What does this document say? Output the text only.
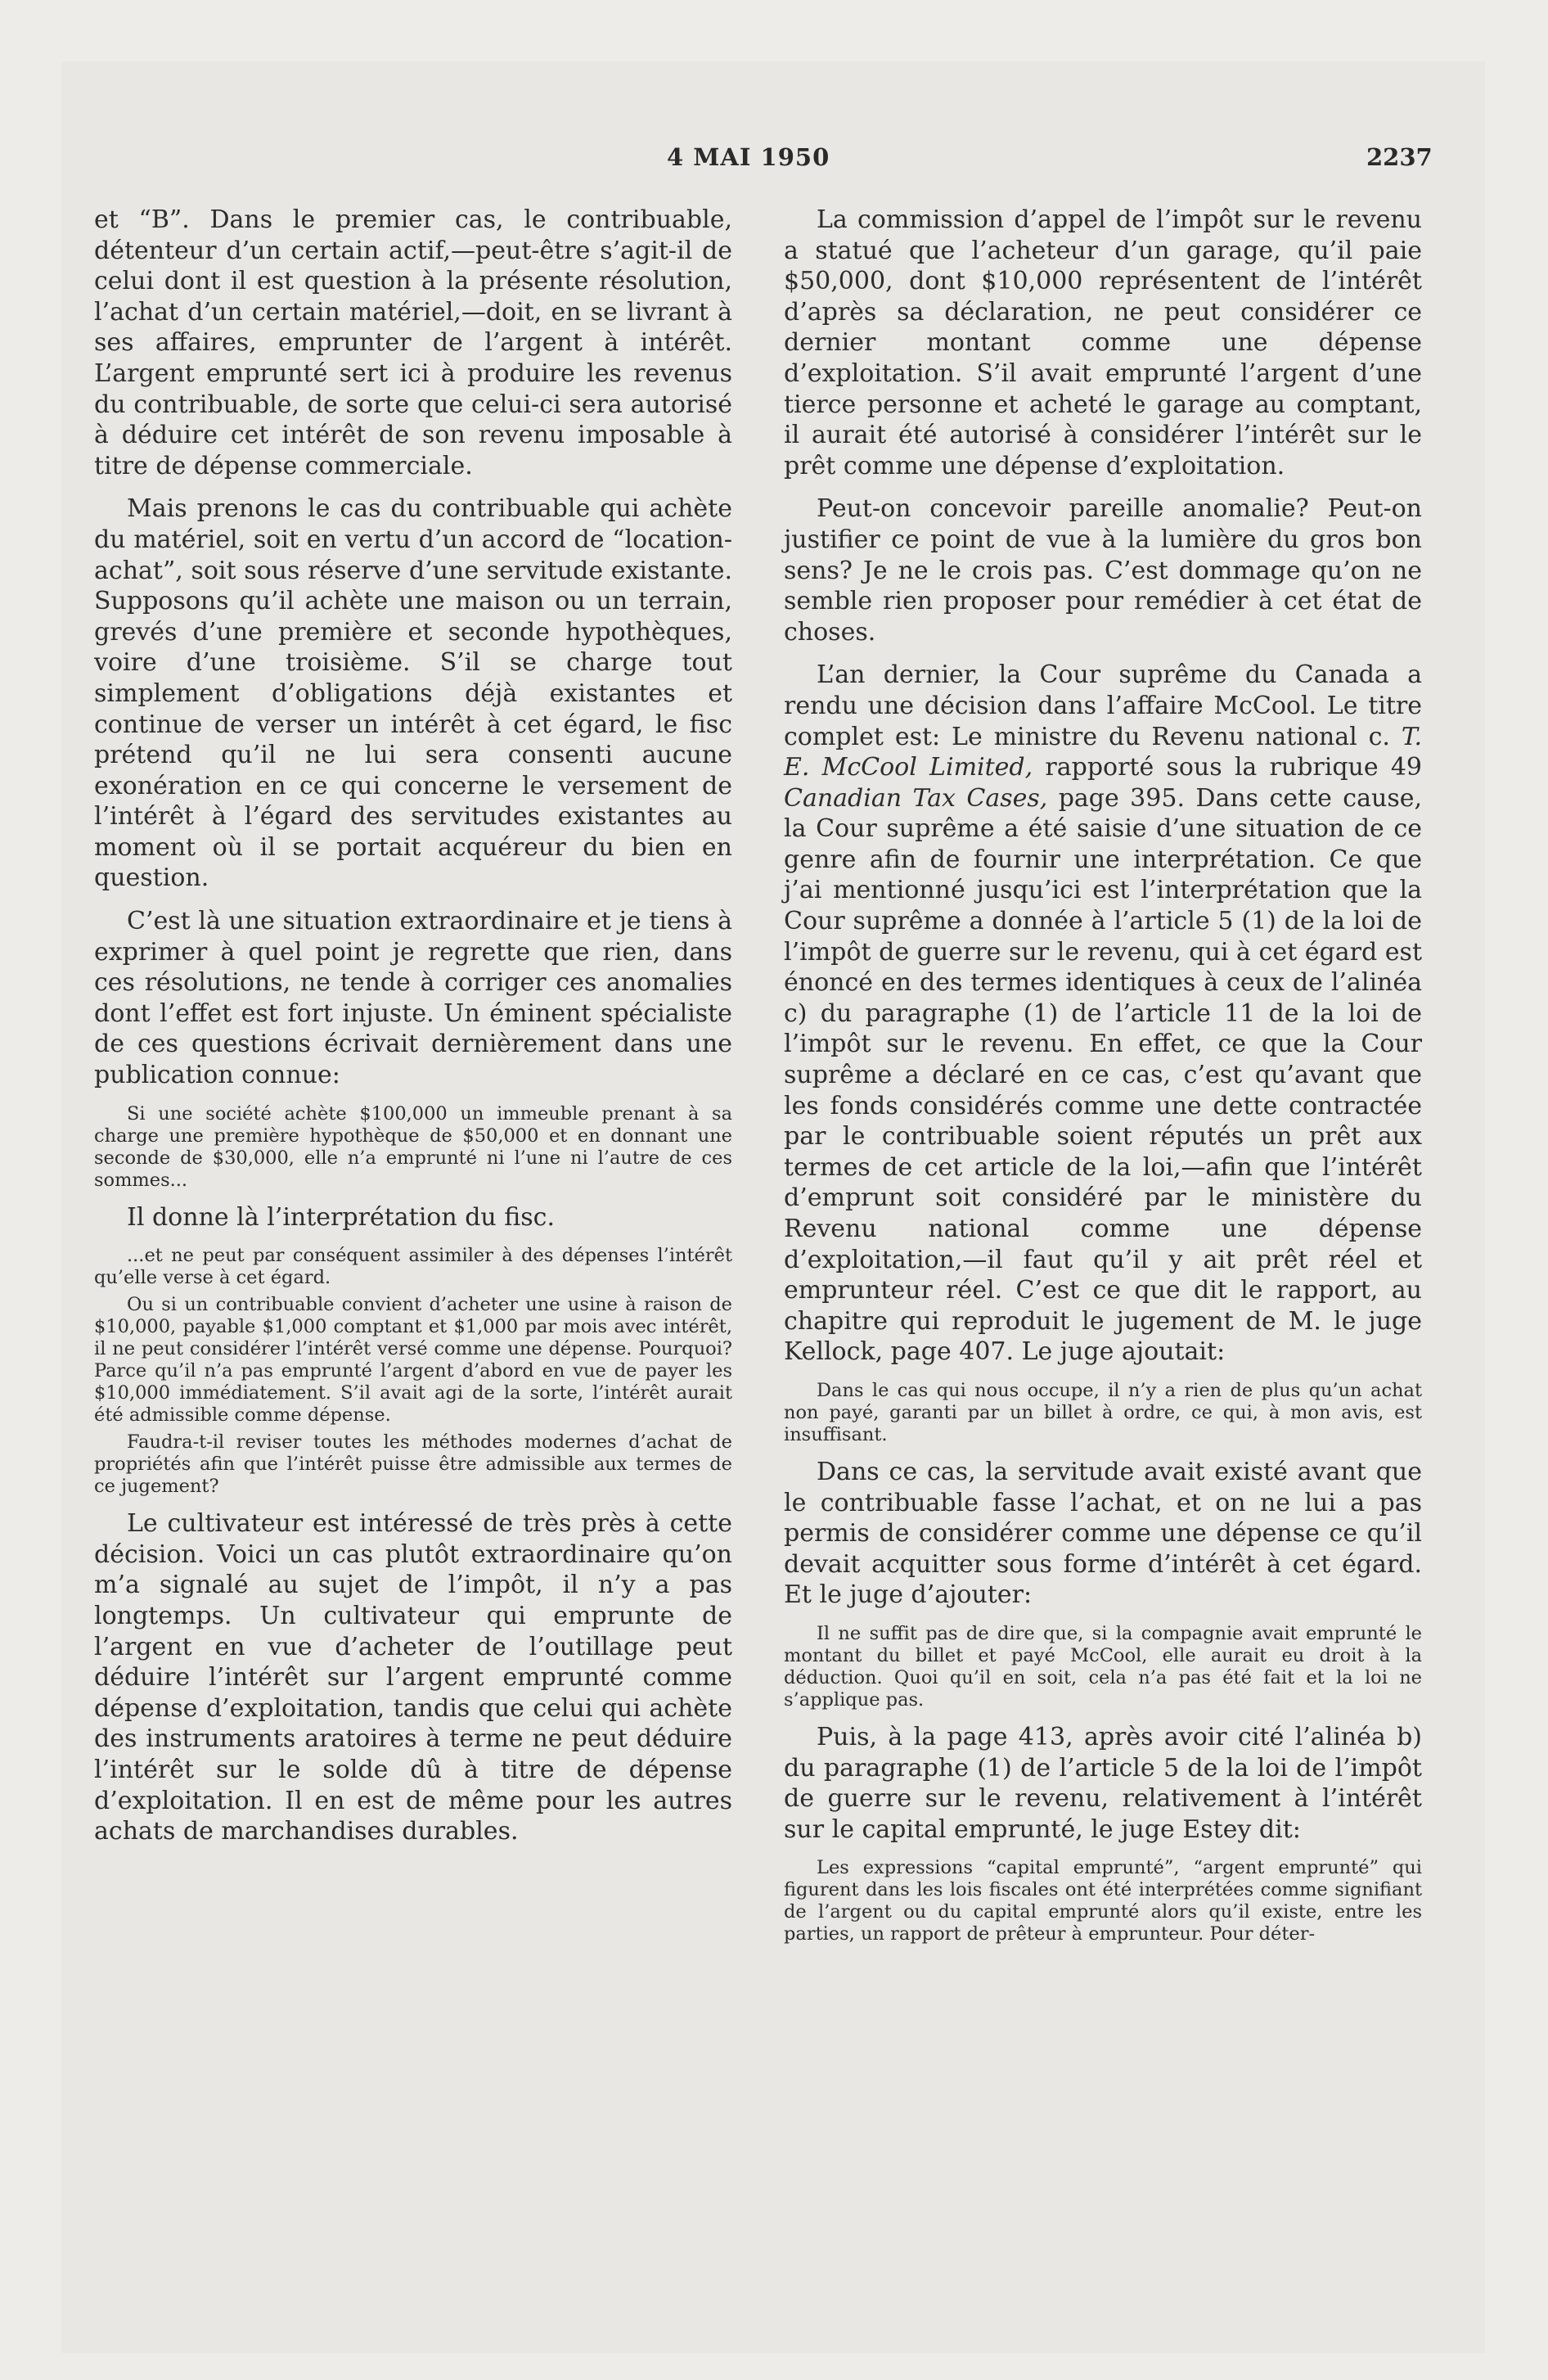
4 MAI 1950	2237
et “B”. Dans le premier cas, le contribuable, détenteur d’un certain actif,—peut-être s’agit-il de celui dont il est question à la présente résolution, l’achat d’un certain matériel,—doit, en se livrant à ses affaires, emprunter de l’argent à intérêt. L’argent emprunté sert ici à produire les revenus du contribuable, de sorte que celui-ci sera autorisé à déduire cet intérêt de son revenu imposable à titre de dépense commerciale.
Mais prenons le cas du contribuable qui achète du matériel, soit en vertu d’un accord de “location-achat”, soit sous réserve d’une servitude existante. Supposons qu’il achète une maison ou un terrain, grevés d’une première et seconde hypothèques, voire d’une troisième. S’il se charge tout simplement d’obligations déjà existantes et continue de verser un intérêt à cet égard, le fisc prétend qu’il ne lui sera consenti aucune exonération en ce qui concerne le versement de l’intérêt à l’égard des servitudes existantes au moment où il se portait acquéreur du bien en question.
C’est là une situation extraordinaire et je tiens à exprimer à quel point je regrette que rien, dans ces résolutions, ne tende à corriger ces anomalies dont l’effet est fort injuste. Un éminent spécialiste de ces questions écrivait dernièrement dans une publication connue:
Si une société achète $100,000 un immeuble prenant à sa charge une première hypothèque de $50,000 et en donnant une seconde de $30,000, elle n’a emprunté ni l’une ni l’autre de ces sommes...
Il donne là l’interprétation du fisc.
...et ne peut par conséquent assimiler à des dépenses l’intérêt qu’elle verse à cet égard.
Ou si un contribuable convient d’acheter une usine à raison de $10,000, payable $1,000 comptant et $1,000 par mois avec intérêt, il ne peut considérer l’intérêt versé comme une dépense. Pourquoi? Parce qu’il n’a pas emprunté l’argent d’abord en vue de payer les $10,000 immédiatement. S’il avait agi de la sorte, l’intérêt aurait été admissible comme dépense.
Faudra-t-il reviser toutes les méthodes modernes d’achat de propriétés afin que l’intérêt puisse être admissible aux termes de ce jugement?
Le cultivateur est intéressé de très près à cette décision. Voici un cas plutôt extraordinaire qu’on m’a signalé au sujet de l’impôt, il n’y a pas longtemps. Un cultivateur qui emprunte de l’argent en vue d’acheter de l’outillage peut déduire l’intérêt sur l’argent emprunté comme dépense d’exploitation, tandis que celui qui achète des instruments aratoires à terme ne peut déduire l’intérêt sur le solde dû à titre de dépense d’exploitation. Il en est de même pour les autres achats de marchandises durables.
La commission d’appel de l’impôt sur le revenu a statué que l’acheteur d’un garage, qu’il paie $50,000, dont $10,000 représentent de l’intérêt d’après sa déclaration, ne peut considérer ce dernier montant comme une dépense d’exploitation. S’il avait emprunté l’argent d’une tierce personne et acheté le garage au comptant, il aurait été autorisé à considérer l’intérêt sur le prêt comme une dépense d’exploitation.
Peut-on concevoir pareille anomalie? Peut-on justifier ce point de vue à la lumière du gros bon sens? Je ne le crois pas. C’est dommage qu’on ne semble rien proposer pour remédier à cet état de choses.
L’an dernier, la Cour suprême du Canada a rendu une décision dans l’affaire McCool. Le titre complet est: Le ministre du Revenu national c. T. E. McCool Limited, rapporté sous la rubrique 49 Canadian Tax Cases, page 395. Dans cette cause, la Cour suprême a été saisie d’une situation de ce genre afin de fournir une interprétation. Ce que j’ai mentionné jusqu’ici est l’interprétation que la Cour suprême a donnée à l’article 5 (1) de la loi de l’impôt de guerre sur le revenu, qui à cet égard est énoncé en des termes identiques à ceux de l’alinéa c) du paragraphe (1) de l’article 11 de la loi de l’impôt sur le revenu. En effet, ce que la Cour suprême a déclaré en ce cas, c’est qu’avant que les fonds considérés comme une dette contractée par le contribuable soient réputés un prêt aux termes de cet article de la loi,—afin que l’intérêt d’emprunt soit considéré par le ministère du Revenu national comme une dépense d’exploitation,—il faut qu’il y ait prêt réel et emprunteur réel. C’est ce que dit le rapport, au chapitre qui reproduit le jugement de M. le juge Kellock, page 407. Le juge ajoutait:
Dans le cas qui nous occupe, il n’y a rien de plus qu’un achat non payé, garanti par un billet à ordre, ce qui, à mon avis, est insuffisant.
Dans ce cas, la servitude avait existé avant que le contribuable fasse l’achat, et on ne lui a pas permis de considérer comme une dépense ce qu’il devait acquitter sous forme d’intérêt à cet égard. Et le juge d’ajouter:
Il ne suffit pas de dire que, si la compagnie avait emprunté le montant du billet et payé McCool, elle aurait eu droit à la déduction. Quoi qu’il en soit, cela n’a pas été fait et la loi ne s’applique pas.
Puis, à la page 413, après avoir cité l’alinéa b) du paragraphe (1) de l’article 5 de la loi de l’impôt de guerre sur le revenu, relativement à l’intérêt sur le capital emprunté, le juge Estey dit:
Les expressions “capital emprunté”, “argent emprunté” qui figurent dans les lois fiscales ont été interprétées comme signifiant de l’argent ou du capital emprunté alors qu’il existe, entre les parties, un rapport de prêteur à emprunteur. Pour déter-
